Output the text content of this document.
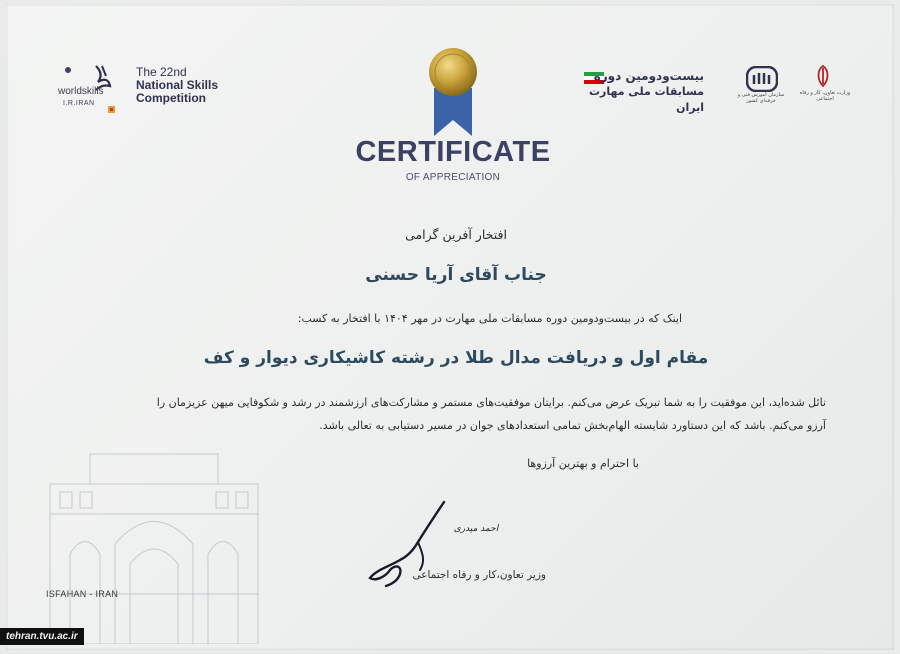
worldskills
I.R.IRAN
The 22nd
National Skills
Competition
CERTIFICATE
OF APPRECIATION
بیست‌ودومین دوره
مسابقات ملی مهارت ایران
سازمان آموزش فنی و حرفه‌ای کشور
وزارت تعاون، کار و رفاه اجتماعی
افتخار آفرین گرامی
جناب آقای آریا حسنی
اینک که در بیست‌ودومین دوره مسابقات ملی مهارت در مهر ۱۴۰۴ با افتخار به کسب:
مقام اول و دریافت مدال طلا در رشته کاشیکاری دیوار و کف
نائل شده‌اید، این موفقیت را به شما تبریک عرض می‌کنم. برایتان موفقیت‌های مستمر و مشارکت‌های ارزشمند در رشد و شکوفایی میهن عزیزمان را
آرزو می‌کنم. باشد که این دستاورد شایسته الهام‌بخش تمامی استعدادهای جوان در مسیر دستیابی به تعالی باشد.
با احترام و بهترین آرزوها
احمد میدری
وزیر تعاون،کار و رفاه اجتماعی
ISFAHAN - IRAN
tehran.tvu.ac.ir
